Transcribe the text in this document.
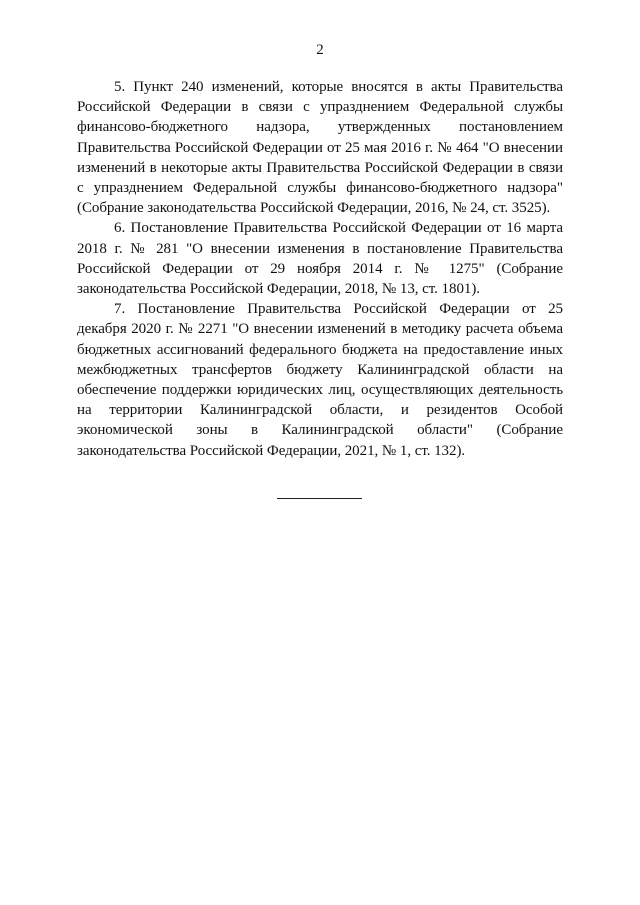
2

5. Пункт 240 изменений, которые вносятся в акты Правительства Российской Федерации в связи с упразднением Федеральной службы финансово-бюджетного надзора, утвержденных постановлением Правительства Российской Федерации от 25 мая 2016 г. № 464 "О внесении изменений в некоторые акты Правительства Российской Федерации в связи с упразднением Федеральной службы финансово-бюджетного надзора" (Собрание законодательства Российской Федерации, 2016, № 24, ст. 3525).

6. Постановление Правительства Российской Федерации от 16 марта 2018 г. № 281 "О внесении изменения в постановление Правительства Российской Федерации от 29 ноября 2014 г. № 1275" (Собрание законодательства Российской Федерации, 2018, № 13, ст. 1801).

7. Постановление Правительства Российской Федерации от 25 декабря 2020 г. № 2271 "О внесении изменений в методику расчета объема бюджетных ассигнований федерального бюджета на предоставление иных межбюджетных трансфертов бюджету Калининградской области на обеспечение поддержки юридических лиц, осуществляющих деятельность на территории Калининградской области, и резидентов Особой экономической зоны в Калининградской области" (Собрание законодательства Российской Федерации, 2021, № 1, ст. 132).
